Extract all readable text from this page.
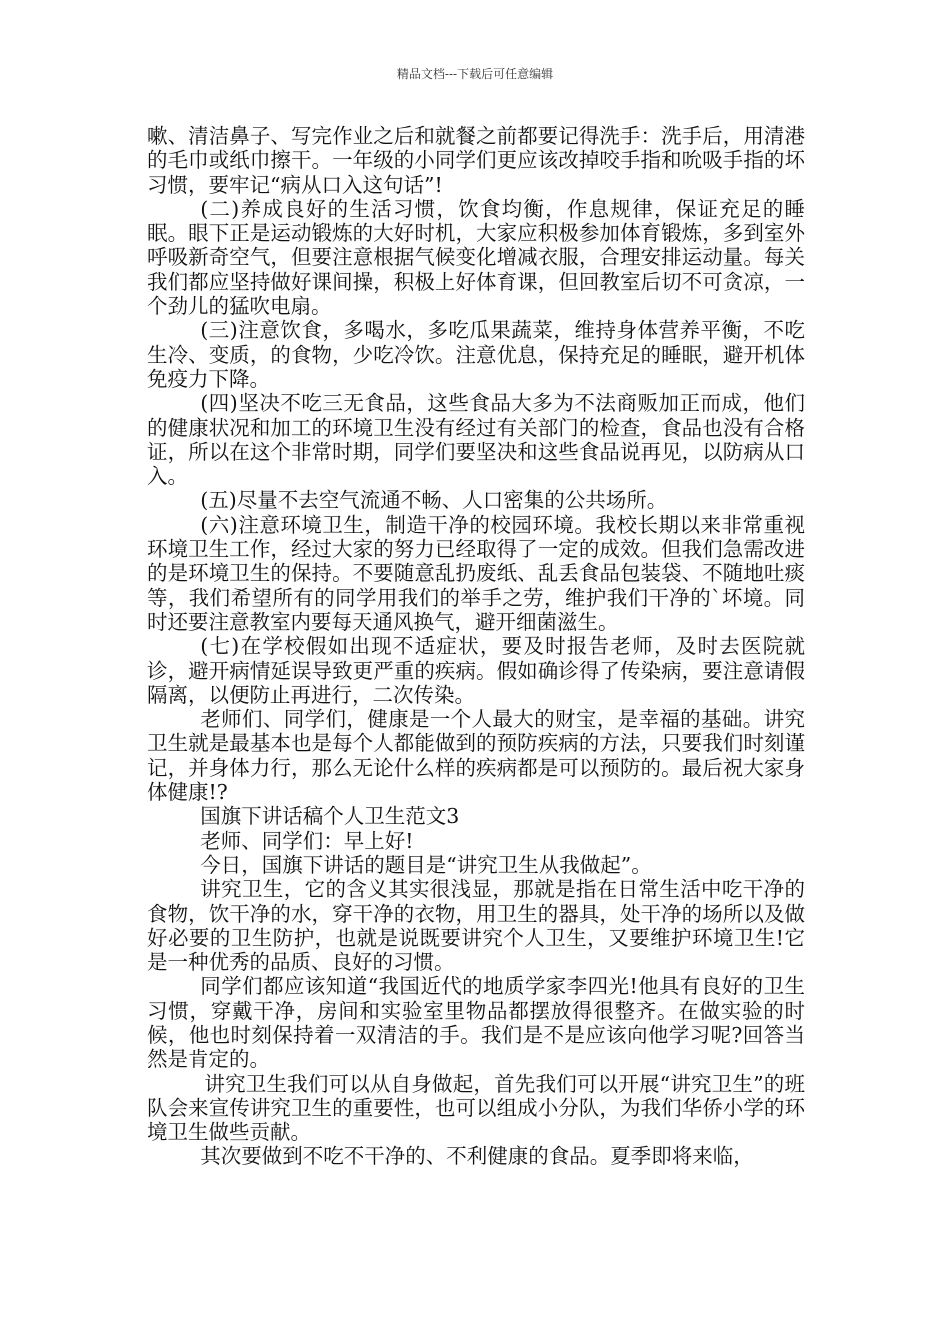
精品文档---下载后可任意编辑

嗽、清洁鼻子、写完作业之后和就餐之前都要记得洗手：洗手后，用清港的毛巾或纸巾擦干。一年级的小同学们更应该改掉咬手指和吮吸手指的坏习惯，要牢记“病从口入这句话”!

(二)养成良好的生活习惯，饮食均衡，作息规律，保证充足的睡眠。眼下正是运动锻炼的大好时机，大家应积极参加体育锻炼，多到室外呼吸新奇空气，但要注意根据气候变化增减衣服，合理安排运动量。每关我们都应坚持做好课间操，积极上好体育课，但回教室后切不可贪凉，一个劲儿的猛吹电扇。

(三)注意饮食，多喝水，多吃瓜果蔬菜，维持身体营养平衡，不吃生冷、变质，的食物，少吃冷饮。注意优息，保持充足的睡眠，避开机体免疫力下降。

(四)坚决不吃三无食品，这些食品大多为不法商贩加正而成，他们的健康状况和加工的环境卫生没有经过有关部门的检查，食品也没有合格证，所以在这个非常时期，同学们要坚决和这些食品说再见，以防病从口入。

(五)尽量不去空气流通不畅、人口密集的公共场所。

(六)注意环境卫生，制造干净的校园环境。我校长期以来非常重视环境卫生工作，经过大家的努力已经取得了一定的成效。但我们急需改进的是环境卫生的保持。不要随意乱扔废纸、乱丢食品包装袋、不随地吐痰等，我们希望所有的同学用我们的举手之劳，维护我们干净的`坏境。同时还要注意教室内要每天通风换气，避开细菌滋生。

(七)在学校假如出现不适症状，要及时报告老师，及时去医院就诊，避开病情延误导致更严重的疾病。假如确诊得了传染病，要注意请假隔离，以便防止再进行，二次传染。

老师们、同学们，健康是一个人最大的财宝，是幸福的基础。讲究卫生就是最基本也是每个人都能做到的预防疾病的方法，只要我们时刻谨记，并身体力行，那么无论什么样的疾病都是可以预防的。最后祝大家身体健康!?

国旗下讲话稿个人卫生范文3

老师、同学们：早上好!

今日，国旗下讲话的题目是“讲究卫生从我做起”。

讲究卫生，它的含义其实很浅显，那就是指在日常生活中吃干净的食物，饮干净的水，穿干净的衣物，用卫生的器具，处干净的场所以及做好必要的卫生防护，也就是说既要讲究个人卫生，又要维护环境卫生!它是一种优秀的品质、良好的习惯。

同学们都应该知道“我国近代的地质学家李四光!他具有良好的卫生习惯，穿戴干净，房间和实验室里物品都摆放得很整齐。在做实验的时候，他也时刻保持着一双清洁的手。我们是不是应该向他学习呢?回答当然是肯定的。

讲究卫生我们可以从自身做起，首先我们可以开展“讲究卫生”的班队会来宣传讲究卫生的重要性，也可以组成小分队，为我们华侨小学的环境卫生做些贡献。

其次要做到不吃不干净的、不利健康的食品。夏季即将来临，
